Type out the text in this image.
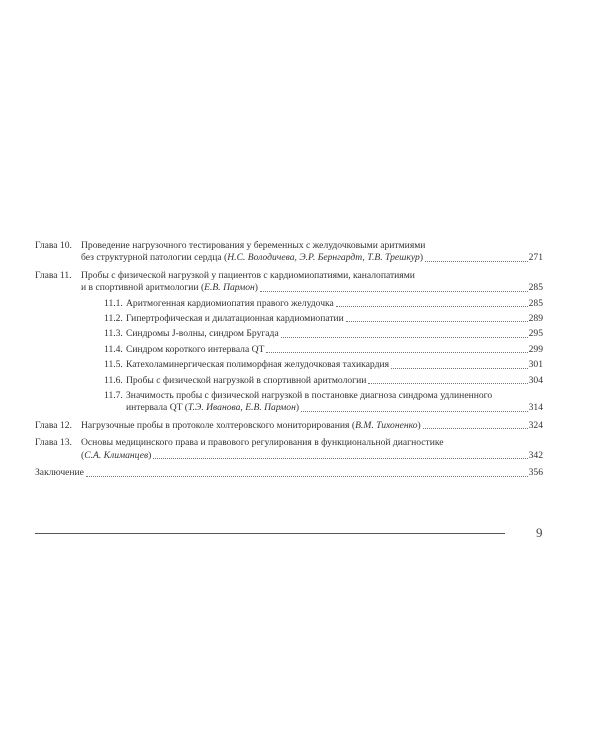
Глава 10. Проведение нагрузочного тестирования у беременных с желудочковыми аритмиями
без структурной патологии сердца (Н.С. Володичева, Э.Р. Бернгардт, Т.В. Трешкур)	271
Глава 11. Пробы с физической нагрузкой у пациентов с кардиомиопатиями, каналопатиями
и в спортивной аритмологии (Е.В. Пармон)	285
11.1. Аритмогенная кардиомиопатия правого желудочка	285
11.2. Гипертрофическая и дилатационная кардиомиопатии	289
11.3. Синдромы J-волны, синдром Бругада	295
11.4. Синдром короткого интервала QT	299
11.5. Катехоламинергическая полиморфная желудочковая тахикардия	301
11.6. Пробы с физической нагрузкой в спортивной аритмологии	304
11.7. Значимость пробы с физической нагрузкой в постановке диагноза синдрома удлиненного
интервала QT (Т.Э. Иванова, Е.В. Пармон)	314
Глава 12. Нагрузочные пробы в протоколе холтеровского мониторирования (В.М. Тихоненко)	324
Глава 13. Основы медицинского права и правового регулирования в функциональной диагностике
(С.А. Климанцев)	342
Заключение	356
9
